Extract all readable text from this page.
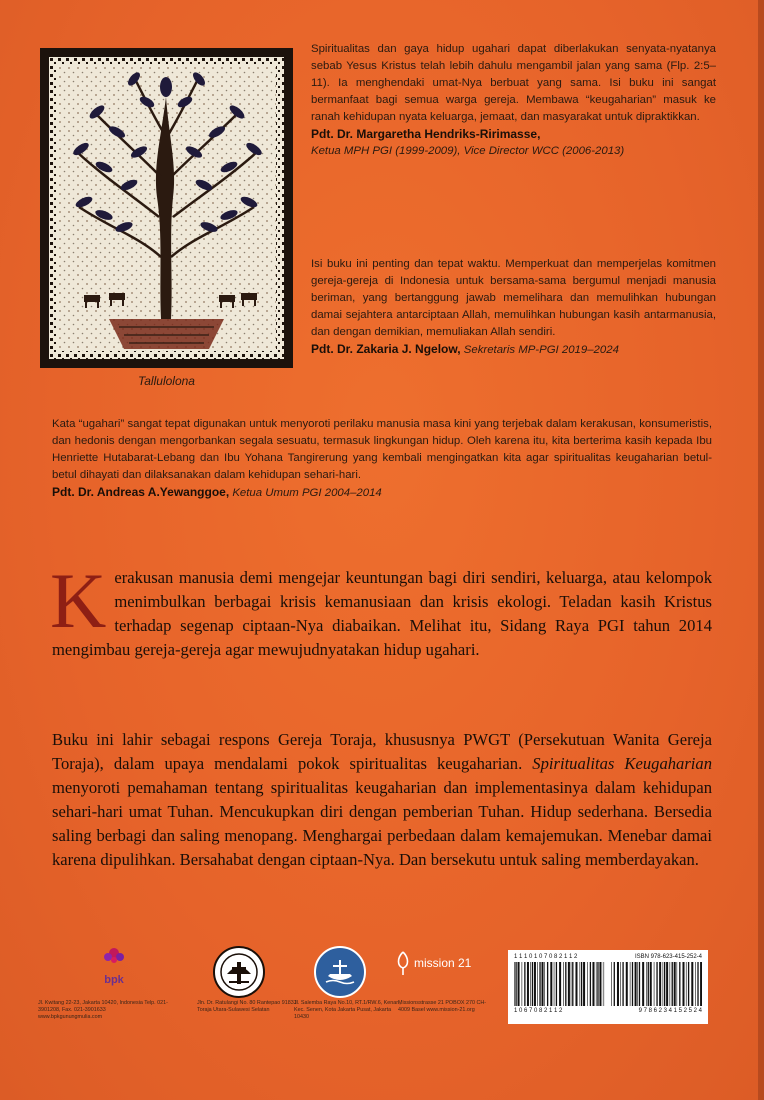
Tallulolona

Spiritualitas dan gaya hidup ugahari dapat diberlakukan senyata-nyatanya sebab Yesus Kristus telah lebih dahulu mengambil jalan yang sama (Flp. 2:5–11). Ia menghendaki umat-Nya berbuat yang sama. Isi buku ini sangat bermanfaat bagi semua warga gereja. Membawa “keugaharian” masuk ke ranah kehidupan nyata keluarga, jemaat, dan masyarakat untuk dipraktikkan.

Pdt. Dr. Margaretha Hendriks-Ririmasse,
Ketua MPH PGI (1999-2009), Vice Director WCC (2006-2013)

Isi buku ini penting dan tepat waktu. Memperkuat dan memperjelas komitmen gereja-gereja di Indonesia untuk bersama-sama bergumul menjadi manusia beriman, yang bertanggung jawab memelihara dan memulihkan hubungan damai sejahtera antarciptaan Allah, memulihkan hubungan kasih antarmanusia, dan dengan demikian, memuliakan Allah sendiri.

Pdt. Dr. Zakaria J. Ngelow, Sekretaris MP-PGI 2019–2024

Kata “ugahari” sangat tepat digunakan untuk menyoroti perilaku manusia masa kini yang terjebak dalam kerakusan, konsumeristis, dan hedonis dengan mengorbankan segala sesuatu, termasuk lingkungan hidup. Oleh karena itu, kita berterima kasih kepada Ibu Henriette Hutabarat-Lebang dan Ibu Yohana Tangirerung yang kembali mengingatkan kita agar spiritualitas keugaharian betul-betul dihayati dan dilaksanakan dalam kehidupan sehari-hari.

Pdt. Dr. Andreas A.Yewanggoe, Ketua Umum PGI 2004–2014

Kerakusan manusia demi mengejar keuntungan bagi diri sendiri, keluarga, atau kelompok menimbulkan berbagai krisis kemanusiaan dan krisis ekologi. Teladan kasih Kristus terhadap segenap ciptaan-Nya diabaikan. Melihat itu, Sidang Raya PGI tahun 2014 mengimbau gereja-gereja agar mewujudnyatakan hidup ugahari.

Buku ini lahir sebagai respons Gereja Toraja, khususnya PWGT (Persekutuan Wanita Gereja Toraja), dalam upaya mendalami pokok spiritualitas keugaharian. Spiritualitas Keugaharian menyoroti pemahaman tentang spiritualitas keugaharian dan implementasinya dalam kehidupan sehari-hari umat Tuhan. Mencukupkan diri dengan pemberian Tuhan. Hidup sederhana. Bersedia saling berbagi dan saling menopang. Menghargai perbedaan dalam kemajemukan. Menebar damai karena dipulihkan. Bersahabat dengan ciptaan-Nya. Dan bersekutu untuk saling memberdayakan.

bpk
mission 21
Jl. Kwitang 22-23, Jakarta 10420, Indonesia Telp. 021-3901208, Fax. 021-3901633 www.bpkgunungmulia.com
Jln. Dr. Ratulangi No. 80 Rantepao 91831 Toraja Utara-Sulawesi Selatan
Jl. Salemba Raya No.10, RT.1/RW.6, Kenari, Kec. Senen, Kota Jakarta Pusat, Jakarta 10430
Missionsstrasse 21 POBOX 270 CH-4009 Basel www.mission-21.org
1 1 1 0 1 0 7 0 8 2 1 1 2	ISBN 978-623-415-252-4
1 0 6 7 0 8 2 1 1 2	9 7 8 6 2 3 4 1 5 2 5 2 4
